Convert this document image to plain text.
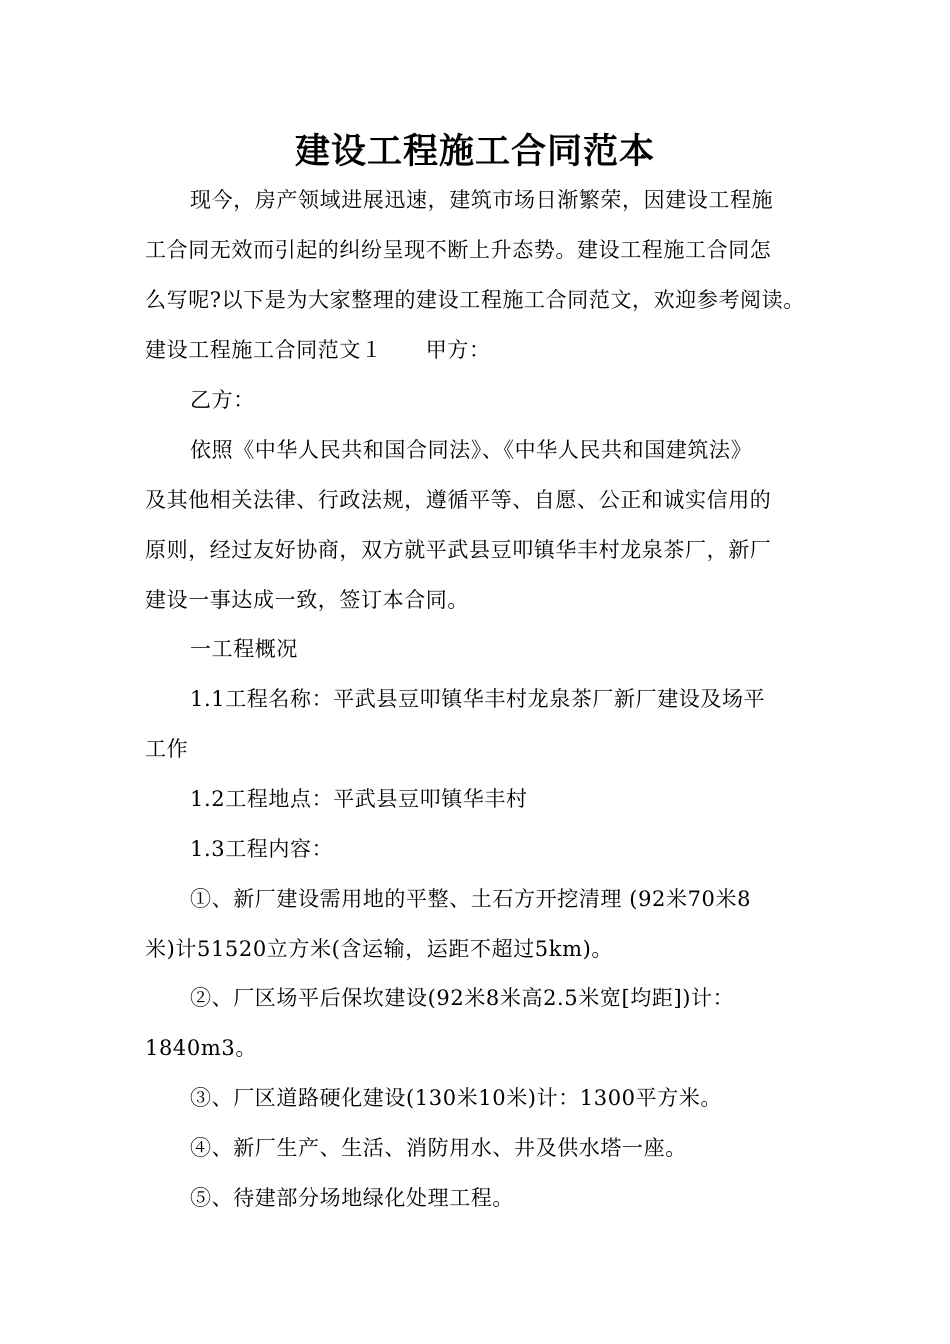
建设工程施工合同范本
现今，房产领域进展迅速，建筑市场日渐繁荣，因建设工程施
工合同无效而引起的纠纷呈现不断上升态势。建设工程施工合同怎
么写呢?以下是为大家整理的建设工程施工合同范文，欢迎参考阅读。
建设工程施工合同范文１　　甲方：
乙方：
依照《中华人民共和国合同法》、《中华人民共和国建筑法》
及其他相关法律、行政法规，遵循平等、自愿、公正和诚实信用的
原则，经过友好协商，双方就平武县豆叩镇华丰村龙泉茶厂，新厂
建设一事达成一致，签订本合同。
一工程概况
1.1工程名称：平武县豆叩镇华丰村龙泉茶厂新厂建设及场平
工作
1.2工程地点：平武县豆叩镇华丰村
1.3工程内容：
①、新厂建设需用地的平整、土石方开挖清理 (92米70米8
米)计51520立方米(含运输，运距不超过5km)。
②、厂区场平后保坎建设(92米8米高2.5米宽[均距])计：
1840m3。
③、厂区道路硬化建设(130米10米)计：1300平方米。
④、新厂生产、生活、消防用水、井及供水塔一座。
⑤、待建部分场地绿化处理工程。
